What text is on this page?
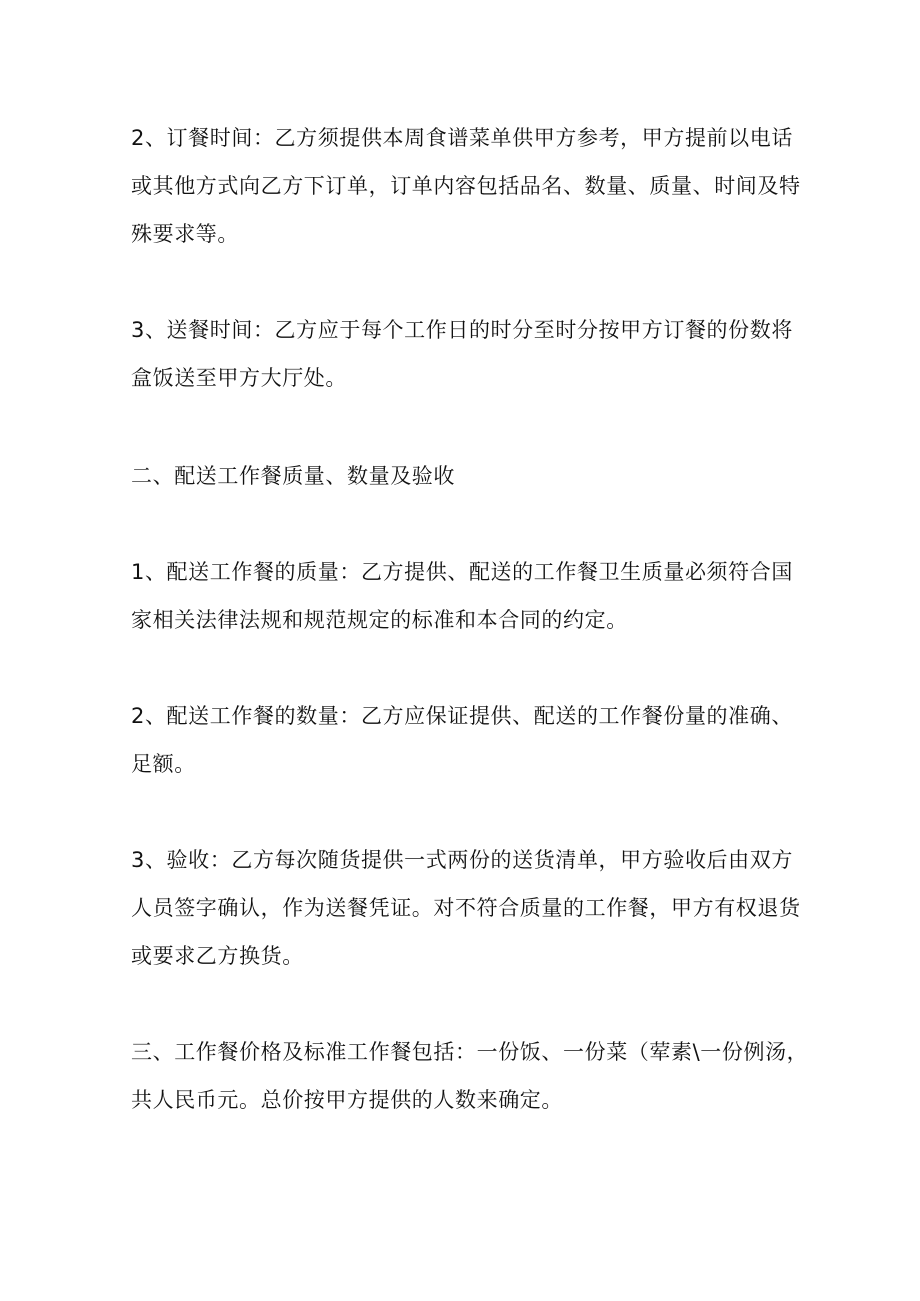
2、订餐时间：乙方须提供本周食谱菜单供甲方参考，甲方提前以电话
或其他方式向乙方下订单，订单内容包括品名、数量、质量、时间及特
殊要求等。

3、送餐时间：乙方应于每个工作日的时分至时分按甲方订餐的份数将
盒饭送至甲方大厅处。

二、配送工作餐质量、数量及验收

1、配送工作餐的质量：乙方提供、配送的工作餐卫生质量必须符合国
家相关法律法规和规范规定的标准和本合同的约定。

2、配送工作餐的数量：乙方应保证提供、配送的工作餐份量的准确、
足额。

3、验收：乙方每次随货提供一式两份的送货清单，甲方验收后由双方
人员签字确认，作为送餐凭证。对不符合质量的工作餐，甲方有权退货
或要求乙方换货。

三、工作餐价格及标准工作餐包括：一份饭、一份菜（荤素\一份例汤，
共人民币元。总价按甲方提供的人数来确定。
